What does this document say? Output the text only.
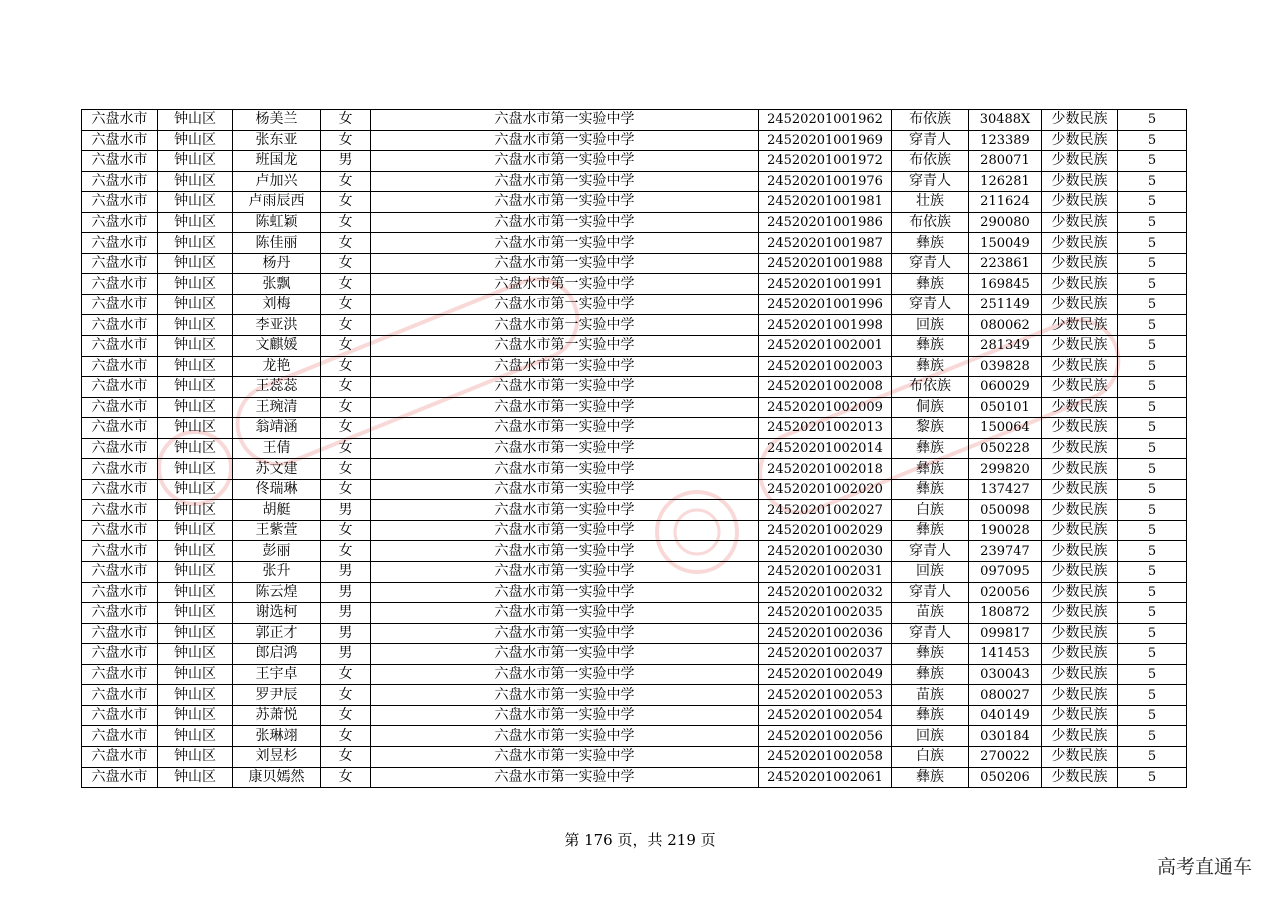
六盘水市	钟山区	杨美兰	女	六盘水市第一实验中学	24520201001962	布依族	30488X	少数民族	5
六盘水市	钟山区	张东亚	女	六盘水市第一实验中学	24520201001969	穿青人	123389	少数民族	5
六盘水市	钟山区	班国龙	男	六盘水市第一实验中学	24520201001972	布依族	280071	少数民族	5
六盘水市	钟山区	卢加兴	女	六盘水市第一实验中学	24520201001976	穿青人	126281	少数民族	5
六盘水市	钟山区	卢雨辰西	女	六盘水市第一实验中学	24520201001981	壮族	211624	少数民族	5
六盘水市	钟山区	陈虹颖	女	六盘水市第一实验中学	24520201001986	布依族	290080	少数民族	5
六盘水市	钟山区	陈佳丽	女	六盘水市第一实验中学	24520201001987	彝族	150049	少数民族	5
六盘水市	钟山区	杨丹	女	六盘水市第一实验中学	24520201001988	穿青人	223861	少数民族	5
六盘水市	钟山区	张飘	女	六盘水市第一实验中学	24520201001991	彝族	169845	少数民族	5
六盘水市	钟山区	刘梅	女	六盘水市第一实验中学	24520201001996	穿青人	251149	少数民族	5
六盘水市	钟山区	李亚洪	女	六盘水市第一实验中学	24520201001998	回族	080062	少数民族	5
六盘水市	钟山区	文麒媛	女	六盘水市第一实验中学	24520201002001	彝族	281349	少数民族	5
六盘水市	钟山区	龙艳	女	六盘水市第一实验中学	24520201002003	彝族	039828	少数民族	5
六盘水市	钟山区	王蕊蕊	女	六盘水市第一实验中学	24520201002008	布依族	060029	少数民族	5
六盘水市	钟山区	王琬清	女	六盘水市第一实验中学	24520201002009	侗族	050101	少数民族	5
六盘水市	钟山区	翁靖涵	女	六盘水市第一实验中学	24520201002013	黎族	150064	少数民族	5
六盘水市	钟山区	王倩	女	六盘水市第一实验中学	24520201002014	彝族	050228	少数民族	5
六盘水市	钟山区	苏文建	女	六盘水市第一实验中学	24520201002018	彝族	299820	少数民族	5
六盘水市	钟山区	佟瑞琳	女	六盘水市第一实验中学	24520201002020	彝族	137427	少数民族	5
六盘水市	钟山区	胡艇	男	六盘水市第一实验中学	24520201002027	白族	050098	少数民族	5
六盘水市	钟山区	王紫萱	女	六盘水市第一实验中学	24520201002029	彝族	190028	少数民族	5
六盘水市	钟山区	彭丽	女	六盘水市第一实验中学	24520201002030	穿青人	239747	少数民族	5
六盘水市	钟山区	张升	男	六盘水市第一实验中学	24520201002031	回族	097095	少数民族	5
六盘水市	钟山区	陈云煌	男	六盘水市第一实验中学	24520201002032	穿青人	020056	少数民族	5
六盘水市	钟山区	谢选柯	男	六盘水市第一实验中学	24520201002035	苗族	180872	少数民族	5
六盘水市	钟山区	郭正才	男	六盘水市第一实验中学	24520201002036	穿青人	099817	少数民族	5
六盘水市	钟山区	郎启鸿	男	六盘水市第一实验中学	24520201002037	彝族	141453	少数民族	5
六盘水市	钟山区	王宇卓	女	六盘水市第一实验中学	24520201002049	彝族	030043	少数民族	5
六盘水市	钟山区	罗尹辰	女	六盘水市第一实验中学	24520201002053	苗族	080027	少数民族	5
六盘水市	钟山区	苏萧悦	女	六盘水市第一实验中学	24520201002054	彝族	040149	少数民族	5
六盘水市	钟山区	张琳翊	女	六盘水市第一实验中学	24520201002056	回族	030184	少数民族	5
六盘水市	钟山区	刘昱杉	女	六盘水市第一实验中学	24520201002058	白族	270022	少数民族	5
六盘水市	钟山区	康贝嫣然	女	六盘水市第一实验中学	24520201002061	彝族	050206	少数民族	5
第 176 页，共 219 页
高考直通车
